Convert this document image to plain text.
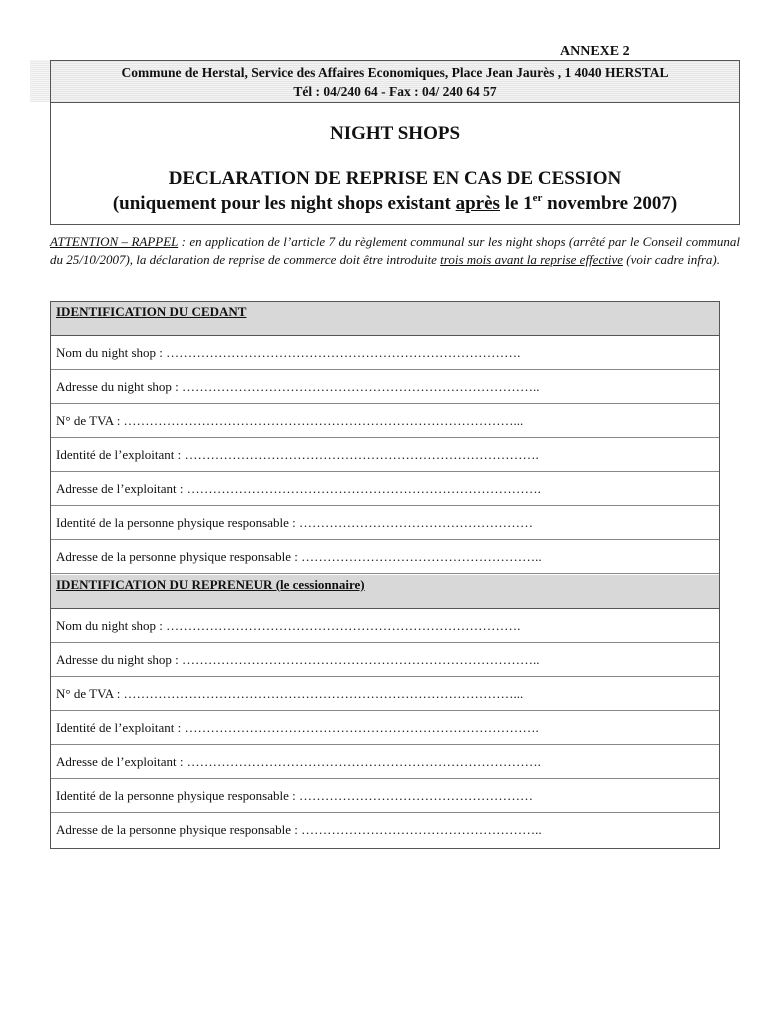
ANNEXE 2
Commune de Herstal, Service des Affaires Economiques, Place Jean Jaurès , 1 4040 HERSTAL
Tél : 04/240 64 - Fax : 04/ 240 64 57
NIGHT SHOPS
DECLARATION DE REPRISE EN CAS DE CESSION
(uniquement pour les night shops existant après le 1er novembre 2007)
ATTENTION – RAPPEL : en application de l’article 7 du règlement communal sur les night shops (arrêté par le Conseil communal du 25/10/2007), la déclaration de reprise de commerce doit être introduite trois mois avant la reprise effective (voir cadre infra).
IDENTIFICATION DU CEDANT
Nom du night shop : ……………………………………………………………………….
Adresse du night shop : ………………………………………………………………………..
N° de TVA : ………………………………………………………………………………...
Identité de l’exploitant : ……………………………………………………………………….
Adresse de l’exploitant : ……………………………………………………………………….
Identité de la personne physique responsable : ………………………………………………
Adresse de la personne physique responsable : ………………………………………………..
IDENTIFICATION DU REPRENEUR (le cessionnaire)
Nom du night shop : ……………………………………………………………………….
Adresse du night shop : ………………………………………………………………………..
N° de TVA : ………………………………………………………………………………...
Identité de l’exploitant : ……………………………………………………………………….
Adresse de l’exploitant : ……………………………………………………………………….
Identité de la personne physique responsable : ………………………………………………
Adresse de la personne physique responsable : ………………………………………………..
